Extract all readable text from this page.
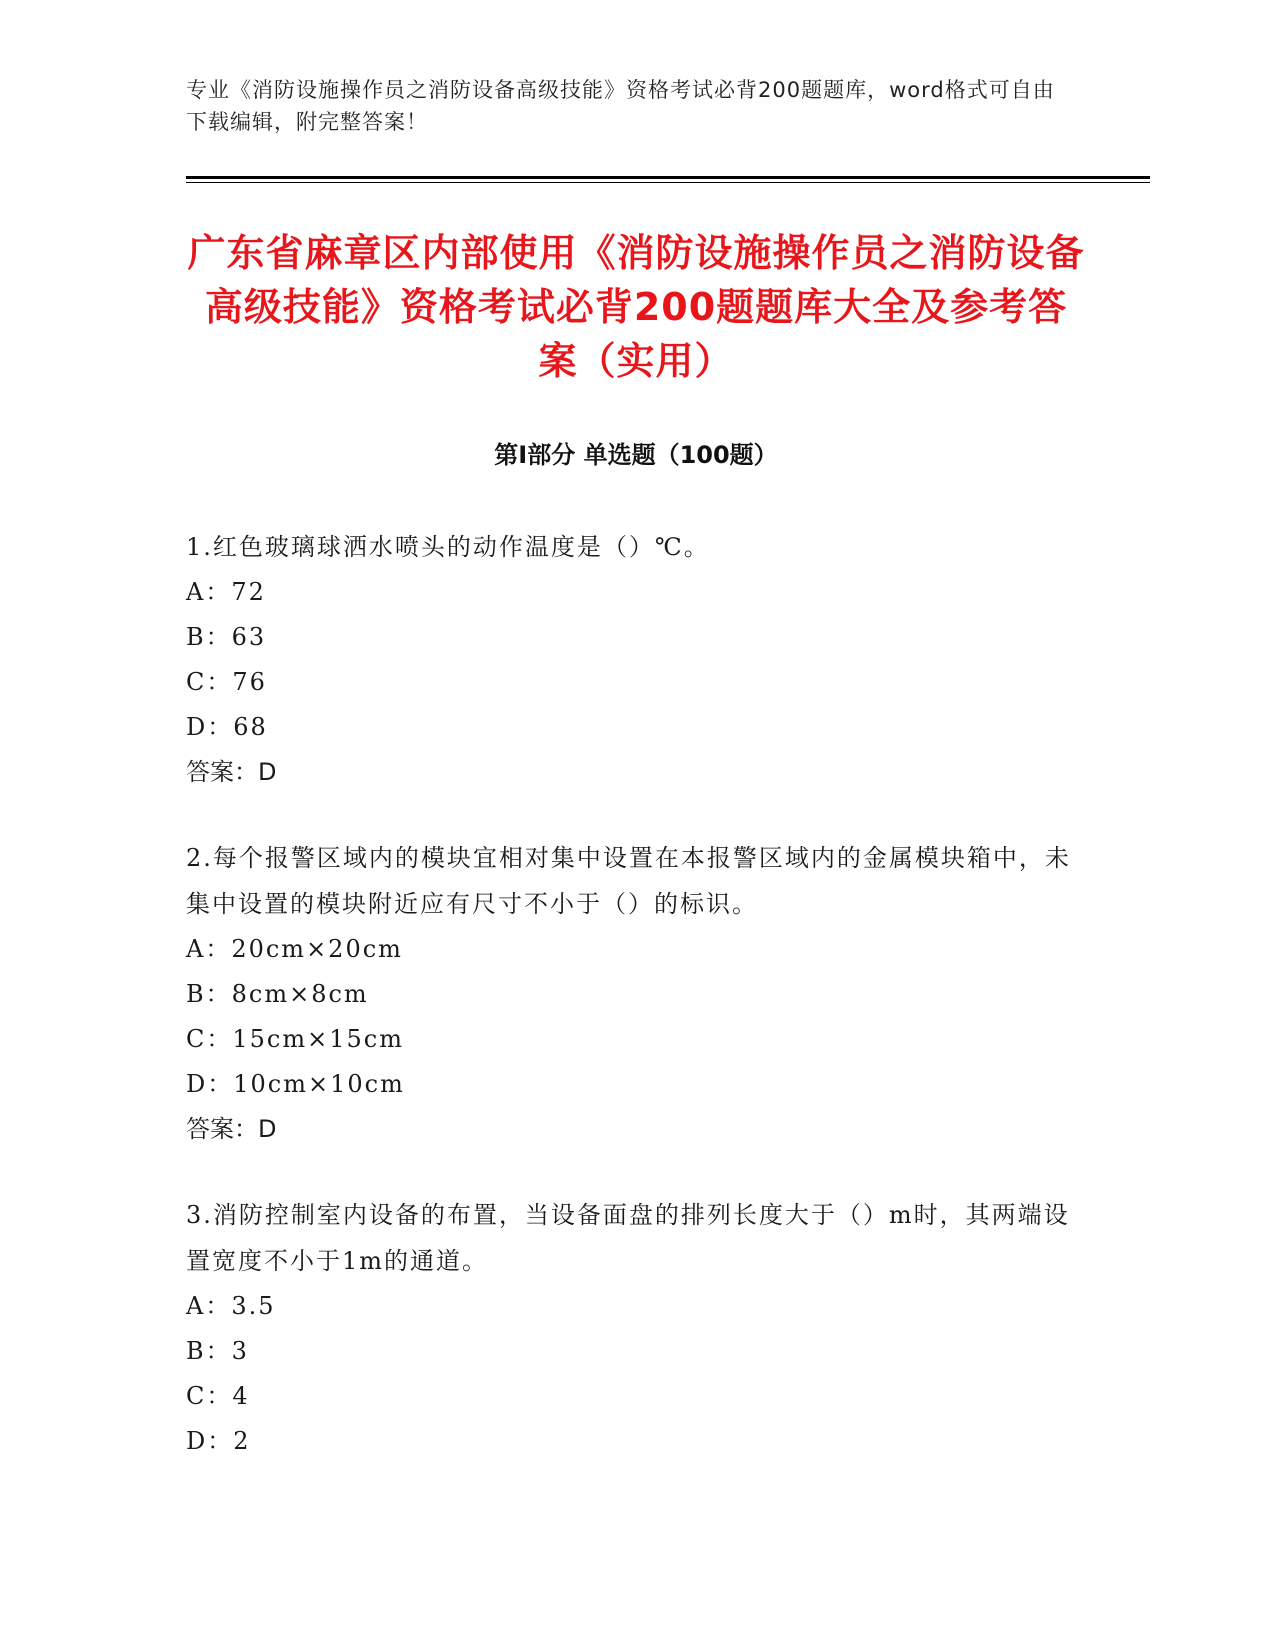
专业《消防设施操作员之消防设备高级技能》资格考试必背200题题库，word格式可自由下载编辑，附完整答案！
广东省麻章区内部使用《消防设施操作员之消防设备高级技能》资格考试必背200题题库大全及参考答案（实用）
第Ⅰ部分 单选题（100题）

1.红色玻璃球洒水喷头的动作温度是（）℃。

A：72

B：63

C：76

D：68

答案：D

2.每个报警区域内的模块宜相对集中设置在本报警区域内的金属模块箱中，未集中设置的模块附近应有尺寸不小于（）的标识。

A：20cm×20cm

B：8cm×8cm

C：15cm×15cm

D：10cm×10cm

答案：D

3.消防控制室内设备的布置，当设备面盘的排列长度大于（）m时，其两端设置宽度不小于1m的通道。

A：3.5

B：3

C：4

D：2
